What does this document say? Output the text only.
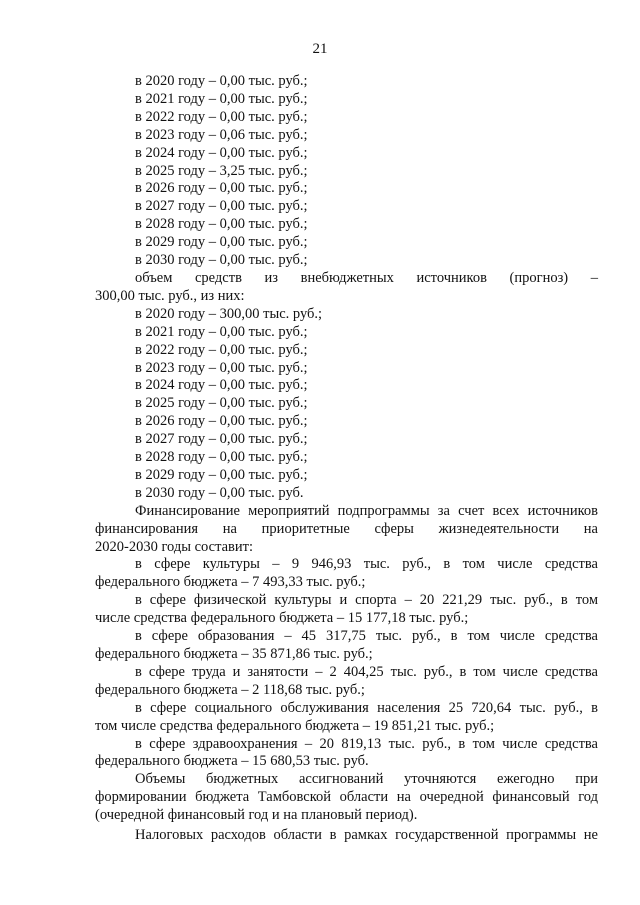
21
в 2020 году – 0,00 тыс. руб.;
в 2021 году – 0,00 тыс. руб.;
в 2022 году – 0,00 тыс. руб.;
в 2023 году – 0,06 тыс. руб.;
в 2024 году – 0,00 тыс. руб.;
в 2025 году – 3,25 тыс. руб.;
в 2026 году – 0,00 тыс. руб.;
в 2027 году – 0,00 тыс. руб.;
в 2028 году – 0,00 тыс. руб.;
в 2029 году – 0,00 тыс. руб.;
в 2030 году – 0,00 тыс. руб.;
объем средств из внебюджетных источников (прогноз) –
300,00 тыс. руб., из них:
в 2020 году – 300,00 тыс. руб.;
в 2021 году – 0,00 тыс. руб.;
в 2022 году – 0,00 тыс. руб.;
в 2023 году – 0,00 тыс. руб.;
в 2024 году – 0,00 тыс. руб.;
в 2025 году – 0,00 тыс. руб.;
в 2026 году – 0,00 тыс. руб.;
в 2027 году – 0,00 тыс. руб.;
в 2028 году – 0,00 тыс. руб.;
в 2029 году – 0,00 тыс. руб.;
в 2030 году – 0,00 тыс. руб.
Финансирование мероприятий подпрограммы за счет всех источников
финансирования на приоритетные сферы жизнедеятельности на
2020-2030 годы составит:
в сфере культуры – 9 946,93 тыс. руб., в том числе средства
федерального бюджета – 7 493,33 тыс. руб.;
в сфере физической культуры и спорта – 20 221,29 тыс. руб., в том
числе средства федерального бюджета – 15 177,18 тыс. руб.;
в сфере образования – 45 317,75 тыс. руб., в том числе средства
федерального бюджета – 35 871,86 тыс. руб.;
в сфере труда и занятости – 2 404,25 тыс. руб., в том числе средства
федерального бюджета – 2 118,68 тыс. руб.;
в сфере социального обслуживания населения 25 720,64 тыс. руб., в
том числе средства федерального бюджета – 19 851,21 тыс. руб.;
в сфере здравоохранения – 20 819,13 тыс. руб., в том числе средства
федерального бюджета – 15 680,53 тыс. руб.
Объемы бюджетных ассигнований уточняются ежегодно при
формировании бюджета Тамбовской области на очередной финансовый год
(очередной финансовый год и на плановый период).
Налоговых расходов области в рамках государственной программы не
